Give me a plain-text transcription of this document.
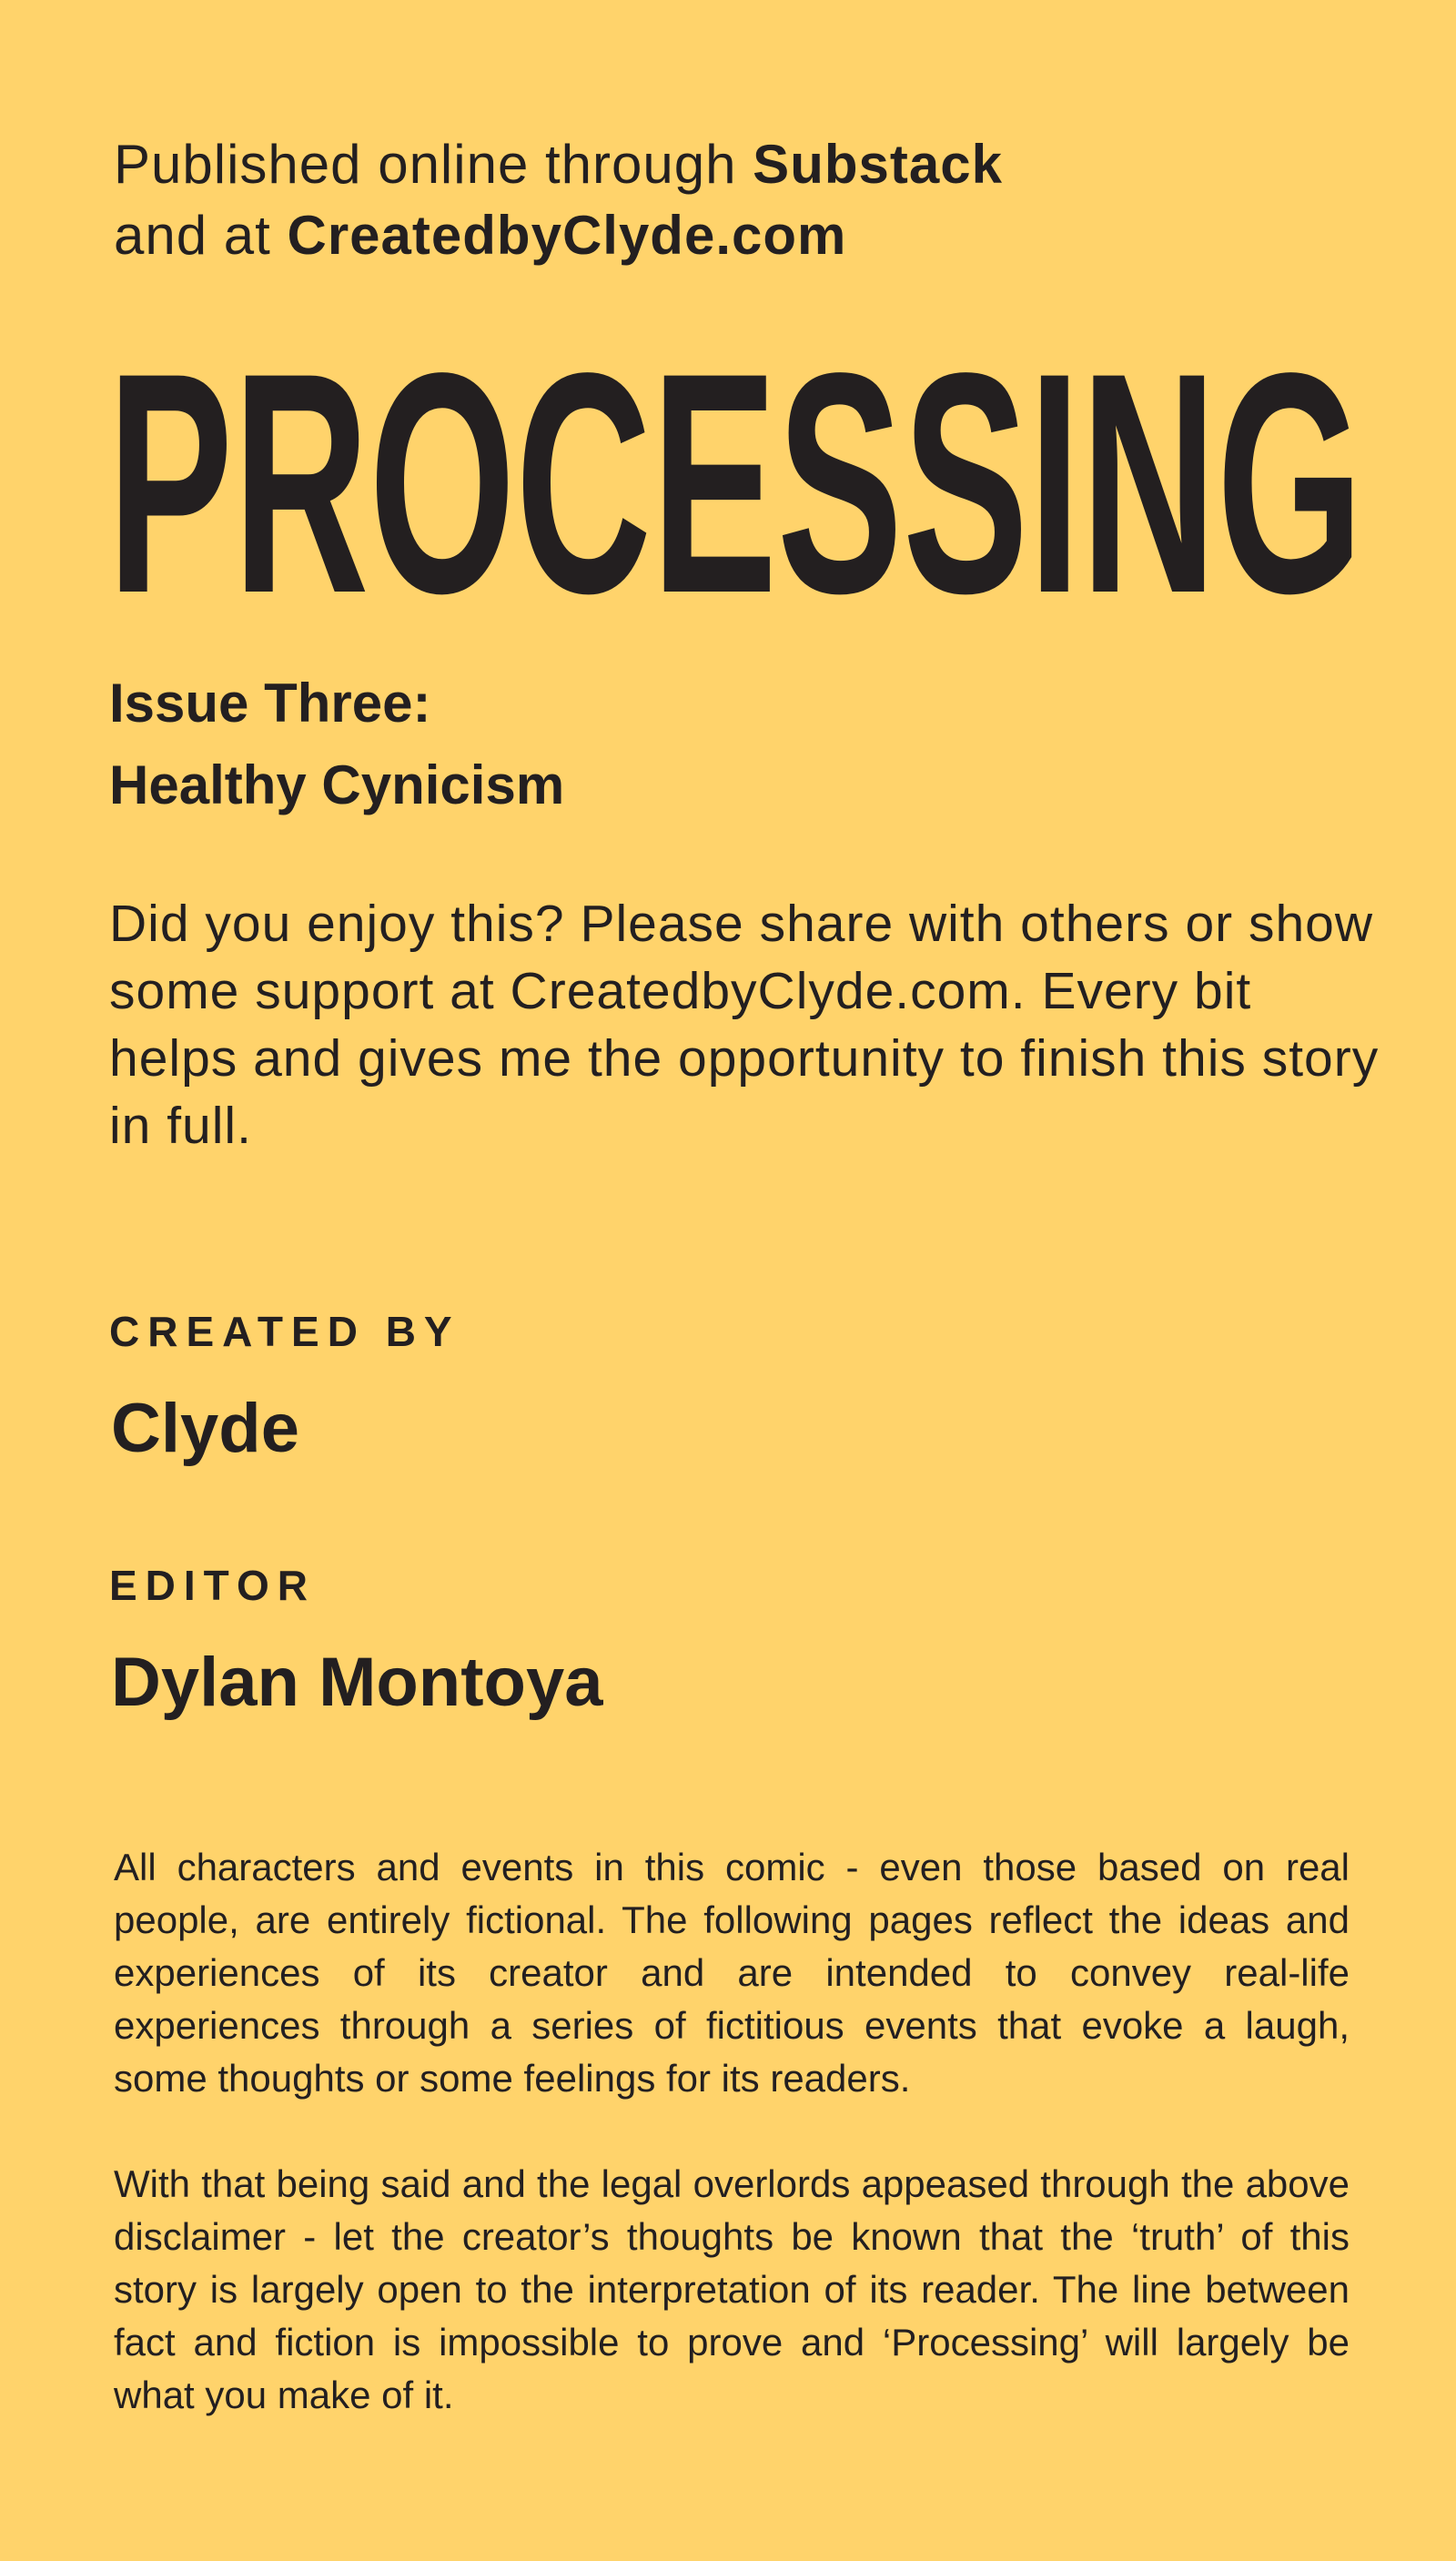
Published online through Substack
and at CreatedbyClyde.com
PROCESSING
Issue Three:
Healthy Cynicism
Did you enjoy this? Please share with others or show some support at CreatedbyClyde.com. Every bit helps and gives me the opportunity to finish this story in full.
CREATED BY
Clyde
EDITOR
Dylan Montoya
All characters and events in this comic - even those based on real people, are entirely fictional. The following pages reflect the ideas and experiences of its creator and are intended to convey real-life experiences through a series of fictitious events that evoke a laugh, some thoughts or some feelings for its readers.
With that being said and the legal overlords appeased through the above disclaimer - let the creator’s thoughts be known that the ‘truth’ of this story is largely open to the interpretation of its reader. The line between fact and fiction is impossible to prove and ‘Processing’ will largely be what you make of it.
